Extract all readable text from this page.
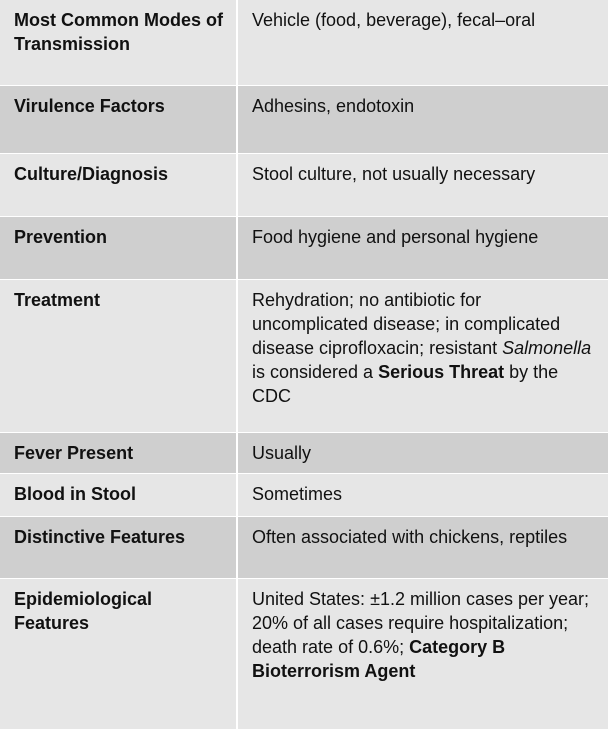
Most Common Modes of Transmission	Vehicle (food, beverage), fecal–oral
Virulence Factors	Adhesins, endotoxin
Culture/Diagnosis	Stool culture, not usually necessary
Prevention	Food hygiene and personal hygiene
Treatment	Rehydration; no antibiotic for uncomplicated disease; in complicated disease ciprofloxacin; resistant Salmonella is considered a Serious Threat by the CDC
Fever Present	Usually
Blood in Stool	Sometimes
Distinctive Features	Often associated with chickens, reptiles
Epidemiological Features	United States: ±1.2 million cases per year; 20% of all cases require hospitalization; death rate of 0.6%; Category B Bioterrorism Agent
